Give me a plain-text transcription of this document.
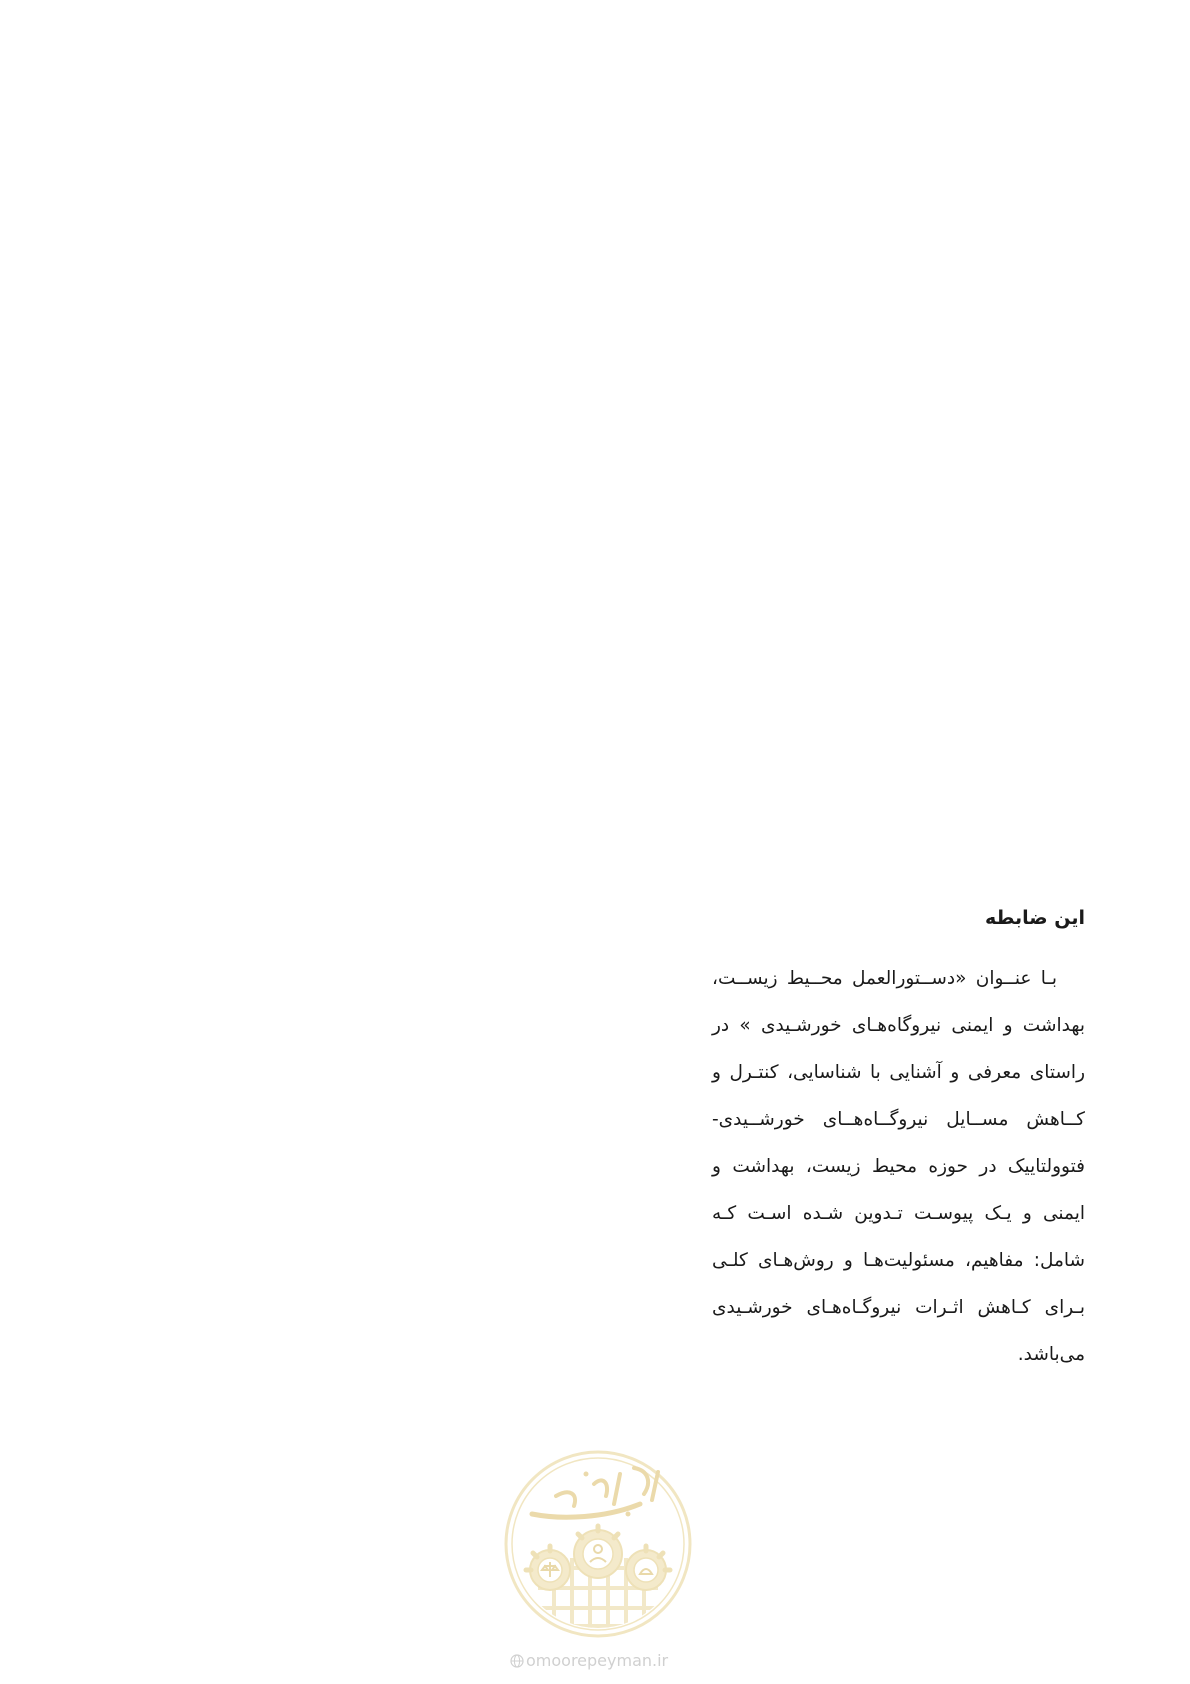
این ضابطه

بـا عنــوان «دســتورالعمل محــیط زیســت، بهداشت و ایمنی نیروگاه‌هـای خورشـیدی » در راستای معرفی و آشنایی با شناسایی، کنتـرل و کــاهش مســایل نیروگــاه‌هــای خورشــیدی- فتوولتاییک در حوزه محیط زیست، بهداشت و ایمنی و یـک پیوسـت تـدوین شـده اسـت کـه شامل: مفاهیم، مسئولیت‌هـا و روش‌هـای کلـی بـرای کـاهش اثـرات نیروگـاه‌هـای خورشـیدی می‌باشد.

omoorepeyman.ir
